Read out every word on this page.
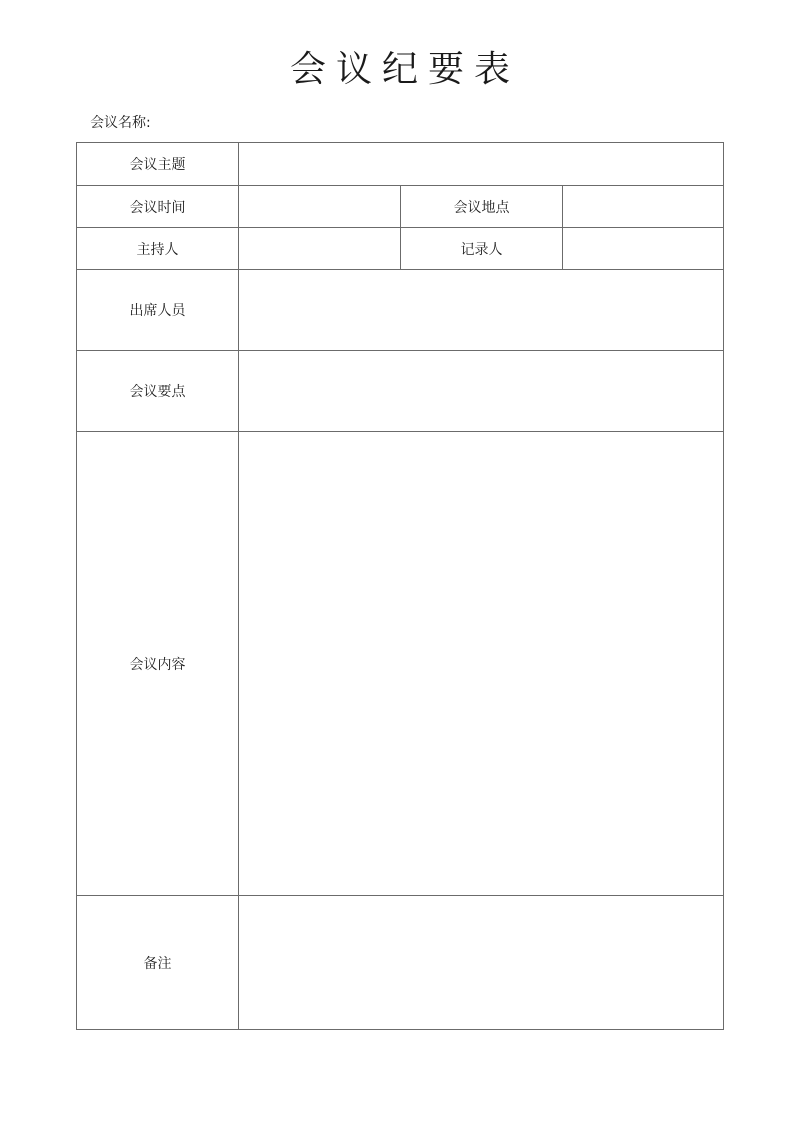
会议纪要表
会议名称:
会议主题			
会议时间		会议地点	
主持人		记录人	
出席人员			
会议要点			
会议内容			
备注			
